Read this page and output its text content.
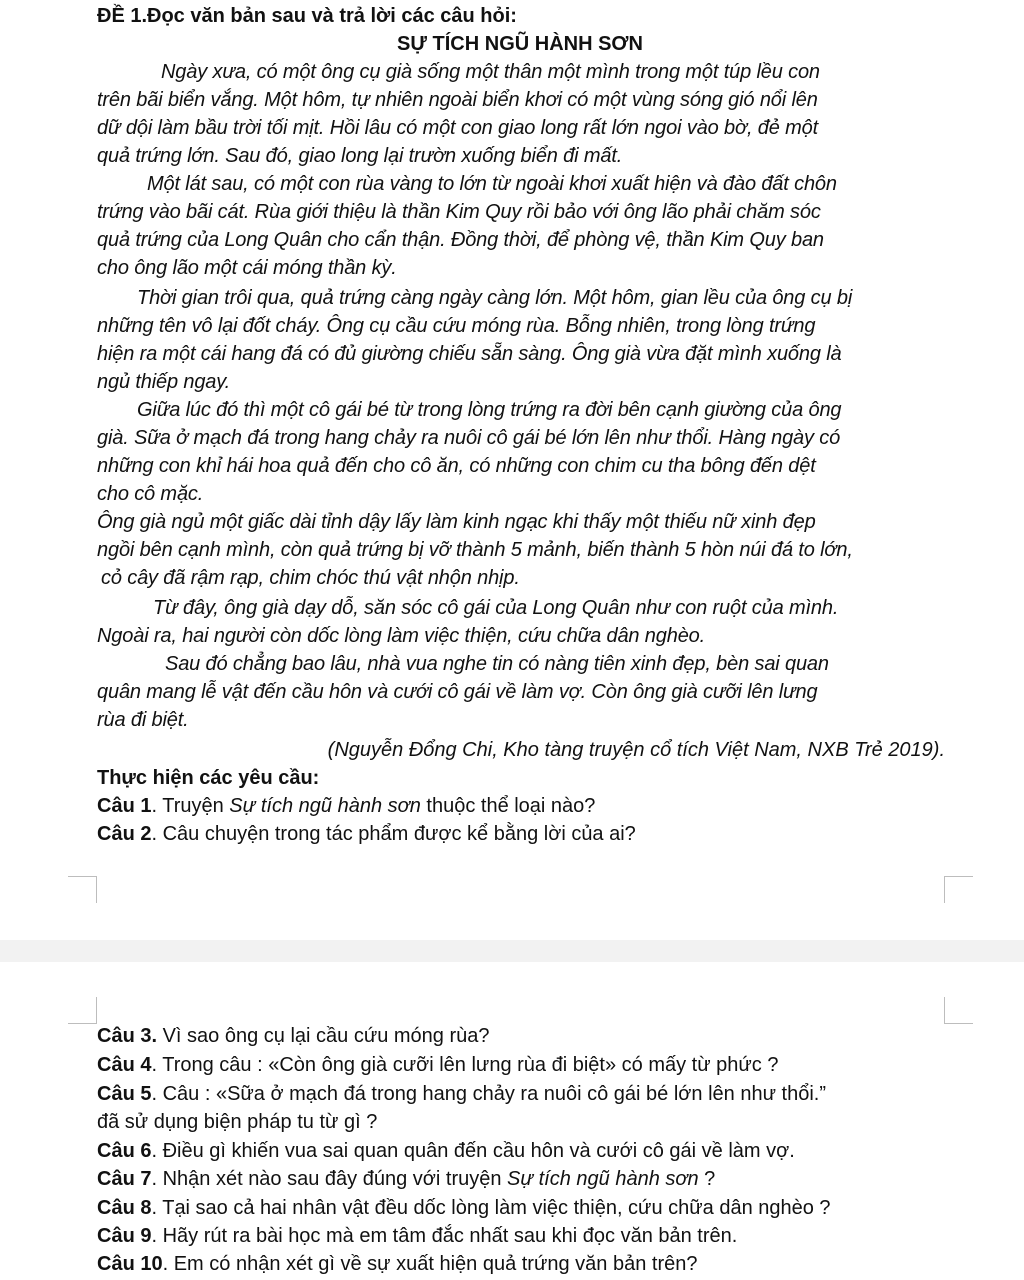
ĐỀ 1.Đọc văn bản sau và trả lời các câu hỏi:
SỰ TÍCH NGŨ HÀNH SƠN
Ngày xưa, có một ông cụ già sống một thân một mình trong một túp lều con
trên bãi biển vắng. Một hôm, tự nhiên ngoài biển khơi có một vùng sóng gió nổi lên
dữ dội làm bầu trời tối mịt. Hồi lâu có một con giao long rất lớn ngoi vào bờ, đẻ một
quả trứng lớn. Sau đó, giao long lại trườn xuống biển đi mất.
Một lát sau, có một con rùa vàng to lớn từ ngoài khơi xuất hiện và đào đất chôn
trứng vào bãi cát. Rùa giới thiệu là thần Kim Quy rồi bảo với ông lão phải chăm sóc
quả trứng của Long Quân cho cẩn thận. Đồng thời, để phòng vệ, thần Kim Quy ban
cho ông lão một cái móng thần kỳ.
Thời gian trôi qua, quả trứng càng ngày càng lớn. Một hôm, gian lều của ông cụ bị
những tên vô lại đốt cháy. Ông cụ cầu cứu móng rùa. Bỗng nhiên, trong lòng trứng
hiện ra một cái hang đá có đủ giường chiếu sẵn sàng. Ông già vừa đặt mình xuống là
ngủ thiếp ngay.
Giữa lúc đó thì một cô gái bé từ trong lòng trứng ra đời bên cạnh giường của ông
già. Sữa ở mạch đá trong hang chảy ra nuôi cô gái bé lớn lên như thổi. Hàng ngày có
những con khỉ hái hoa quả đến cho cô ăn, có những con chim cu tha bông đến dệt
cho cô mặc.
Ông già ngủ một giấc dài tỉnh dậy lấy làm kinh ngạc khi thấy một thiếu nữ xinh đẹp
ngồi bên cạnh mình, còn quả trứng bị vỡ thành 5 mảnh, biến thành 5 hòn núi đá to lớn,
cỏ cây đã rậm rạp, chim chóc thú vật nhộn nhịp.
Từ đây, ông già dạy dỗ, săn sóc cô gái của Long Quân như con ruột của mình.
Ngoài ra, hai người còn dốc lòng làm việc thiện, cứu chữa dân nghèo.
Sau đó chẳng bao lâu, nhà vua nghe tin có nàng tiên xinh đẹp, bèn sai quan
quân mang lễ vật đến cầu hôn và cưới cô gái về làm vợ. Còn ông già cưỡi lên lưng
rùa đi biệt.
(Nguyễn Đổng Chi, Kho tàng truyện cổ tích Việt Nam, NXB Trẻ 2019).
Thực hiện các yêu cầu:
Câu 1. Truyện Sự tích ngũ hành sơn thuộc thể loại nào?
Câu 2. Câu chuyện trong tác phẩm được kể bằng lời của ai?
Câu 3. Vì sao ông cụ lại cầu cứu móng rùa?
Câu 4. Trong câu : «Còn ông già cưỡi lên lưng rùa đi biệt» có mấy từ phức ?
Câu 5. Câu : «Sữa ở mạch đá trong hang chảy ra nuôi cô gái bé lớn lên như thổi.”
đã sử dụng biện pháp tu từ gì ?
Câu 6. Điều gì khiến vua sai quan quân đến cầu hôn và cưới cô gái về làm vợ.
Câu 7. Nhận xét nào sau đây đúng với truyện Sự tích ngũ hành sơn ?
Câu 8. Tại sao cả hai nhân vật đều dốc lòng làm việc thiện, cứu chữa dân nghèo ?
Câu 9. Hãy rút ra bài học mà em tâm đắc nhất sau khi đọc văn bản trên.
Câu 10. Em có nhận xét gì về sự xuất hiện quả trứng văn bản trên?
